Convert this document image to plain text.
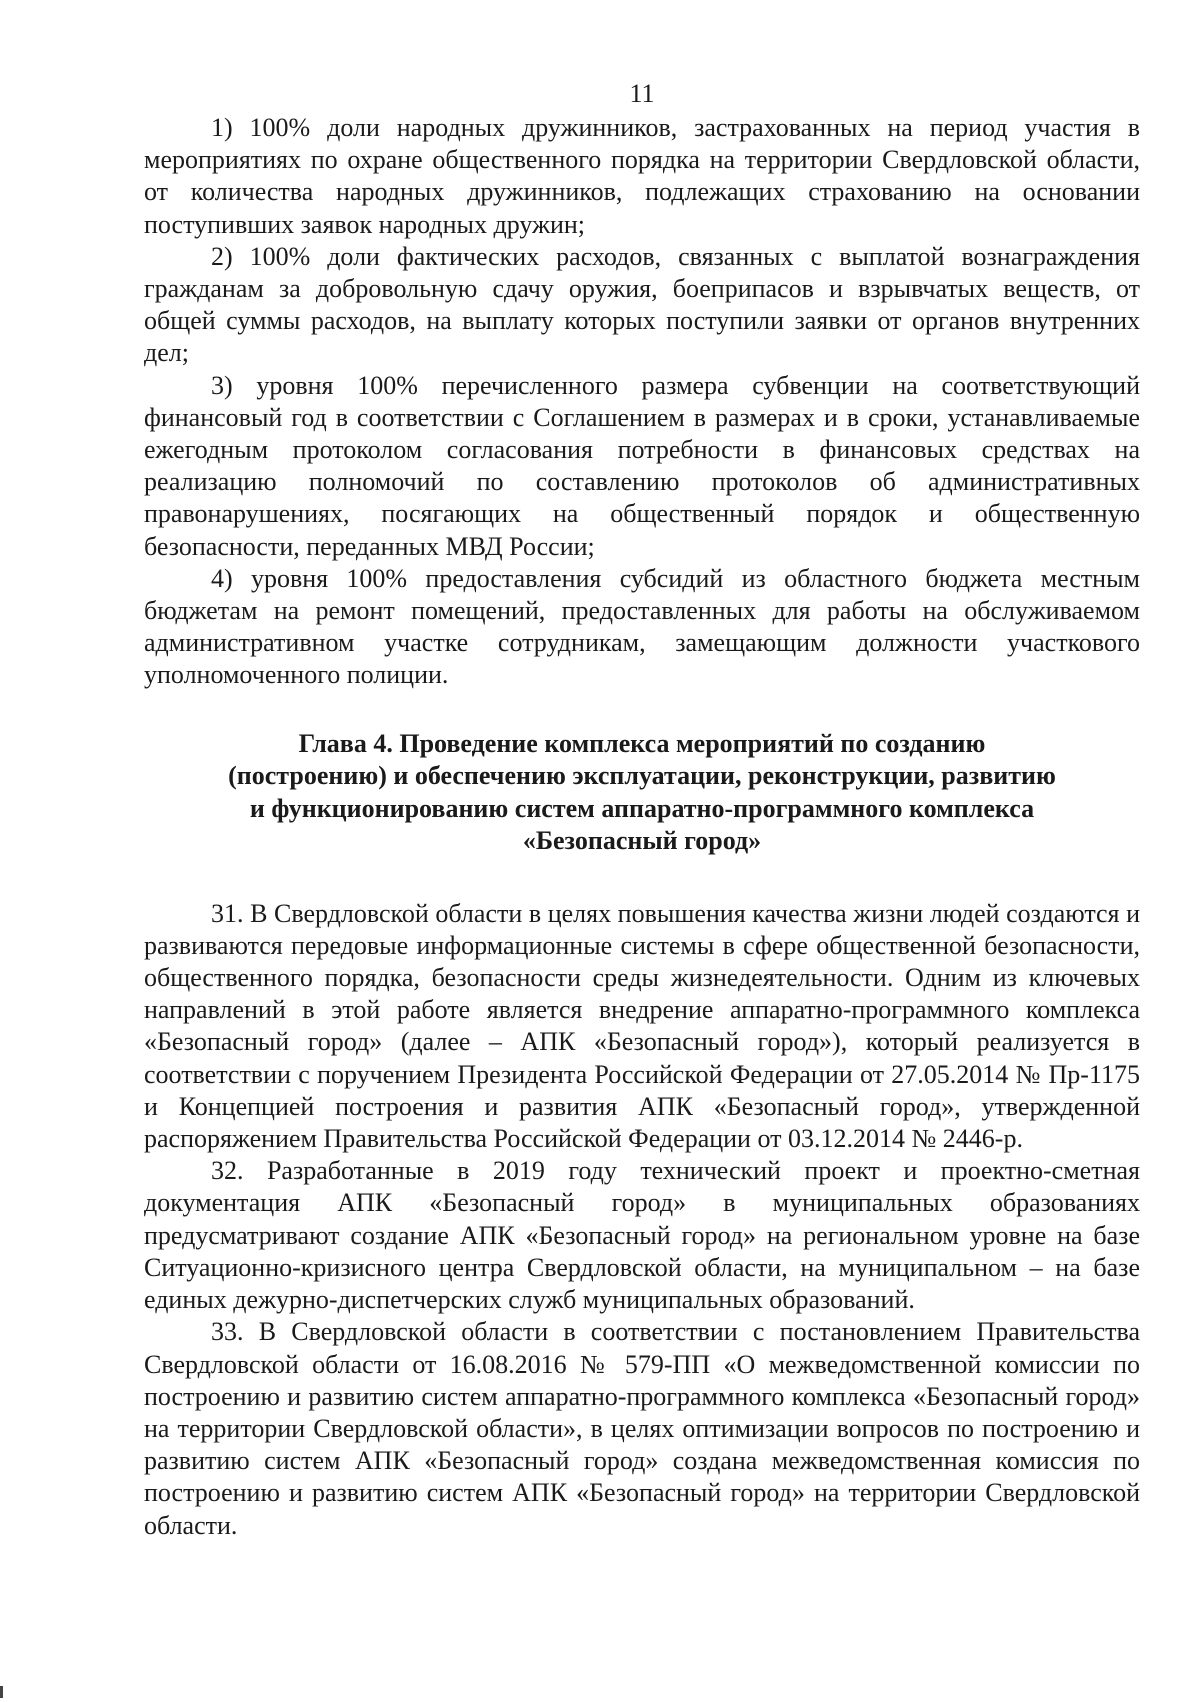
11

1) 100% доли народных дружинников, застрахованных на период участия в мероприятиях по охране общественного порядка на территории Свердловской области, от количества народных дружинников, подлежащих страхованию на основании поступивших заявок народных дружин;

2) 100% доли фактических расходов, связанных с выплатой вознаграждения гражданам за добровольную сдачу оружия, боеприпасов и взрывчатых веществ, от общей суммы расходов, на выплату которых поступили заявки от органов внутренних дел;

3) уровня 100% перечисленного размера субвенции на соответствующий финансовый год в соответствии с Соглашением в размерах и в сроки, устанавливаемые ежегодным протоколом согласования потребности в финансовых средствах на реализацию полномочий по составлению протоколов об административных правонарушениях, посягающих на общественный порядок и общественную безопасности, переданных МВД России;

4) уровня 100% предоставления субсидий из областного бюджета местным бюджетам на ремонт помещений, предоставленных для работы на обслуживаемом административном участке сотрудникам, замещающим должности участкового уполномоченного полиции.

Глава 4. Проведение комплекса мероприятий по созданию
(построению) и обеспечению эксплуатации, реконструкции, развитию
и функционированию систем аппаратно-программного комплекса
«Безопасный город»

31. В Свердловской области в целях повышения качества жизни людей создаются и развиваются передовые информационные системы в сфере общественной безопасности, общественного порядка, безопасности среды жизнедеятельности. Одним из ключевых направлений в этой работе является внедрение аппаратно-программного комплекса «Безопасный город» (далее – АПК «Безопасный город»), который реализуется в соответствии с поручением Президента Российской Федерации от 27.05.2014 № Пр-1175 и Концепцией построения и развития АПК «Безопасный город», утвержденной распоряжением Правительства Российской Федерации от 03.12.2014 № 2446-р.

32. Разработанные в 2019 году технический проект и проектно-сметная документация АПК «Безопасный город» в муниципальных образованиях предусматривают создание АПК «Безопасный город» на региональном уровне на базе Ситуационно-кризисного центра Свердловской области, на муниципальном – на базе единых дежурно-диспетчерских служб муниципальных образований.

33. В Свердловской области в соответствии с постановлением Правительства Свердловской области от 16.08.2016 № 579-ПП «О межведомственной комиссии по построению и развитию систем аппаратно-программного комплекса «Безопасный город» на территории Свердловской области», в целях оптимизации вопросов по построению и развитию систем АПК «Безопасный город» создана межведомственная комиссия по построению и развитию систем АПК «Безопасный город» на территории Свердловской области.
